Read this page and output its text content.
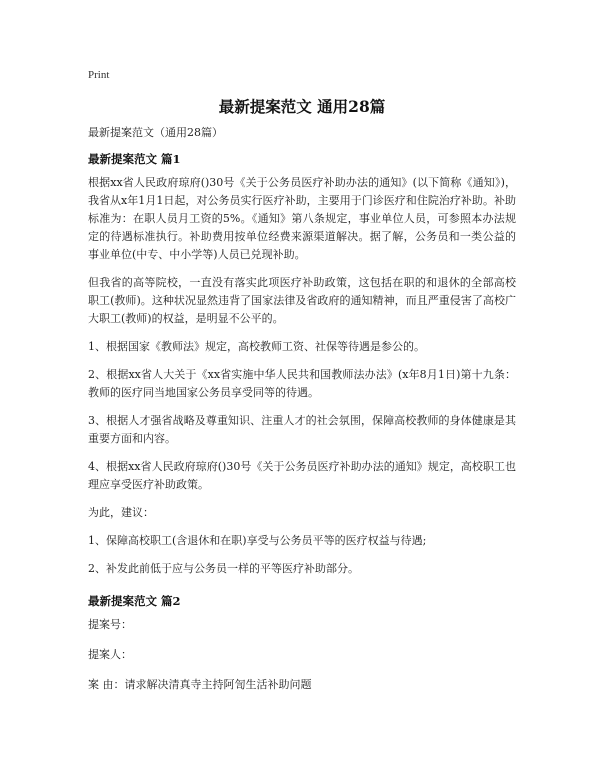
Print
最新提案范文 通用28篇
最新提案范文（通用28篇）
最新提案范文 篇1

根据xx省人民政府琼府()30号《关于公务员医疗补助办法的通知》(以下简称《通知》)，我省从x年1月1日起，对公务员实行医疗补助，主要用于门诊医疗和住院治疗补助。补助标准为：在职人员月工资的5%。《通知》第八条规定，事业单位人员，可参照本办法规定的待遇标准执行。补助费用按单位经费来源渠道解决。据了解，公务员和一类公益的事业单位(中专、中小学等)人员已兑现补助。

但我省的高等院校，一直没有落实此项医疗补助政策，这包括在职的和退休的全部高校职工(教师)。这种状况显然违背了国家法律及省政府的通知精神，而且严重侵害了高校广大职工(教师)的权益，是明显不公平的。

1、根据国家《教师法》规定，高校教师工资、社保等待遇是参公的。

2、根据xx省人大关于《xx省实施中华人民共和国教师法办法》(x年8月1日)第十九条：教师的医疗同当地国家公务员享受同等的待遇。

3、根据人才强省战略及尊重知识、注重人才的社会氛围，保障高校教师的身体健康是其重要方面和内容。

4、根据xx省人民政府琼府()30号《关于公务员医疗补助办法的通知》规定，高校职工也理应享受医疗补助政策。

为此，建议：

1、保障高校职工(含退休和在职)享受与公务员平等的医疗权益与待遇;

2、补发此前低于应与公务员一样的平等医疗补助部分。

最新提案范文 篇2
提案号：
提案人：
案 由：请求解决清真寺主持阿訇生活补助问题
